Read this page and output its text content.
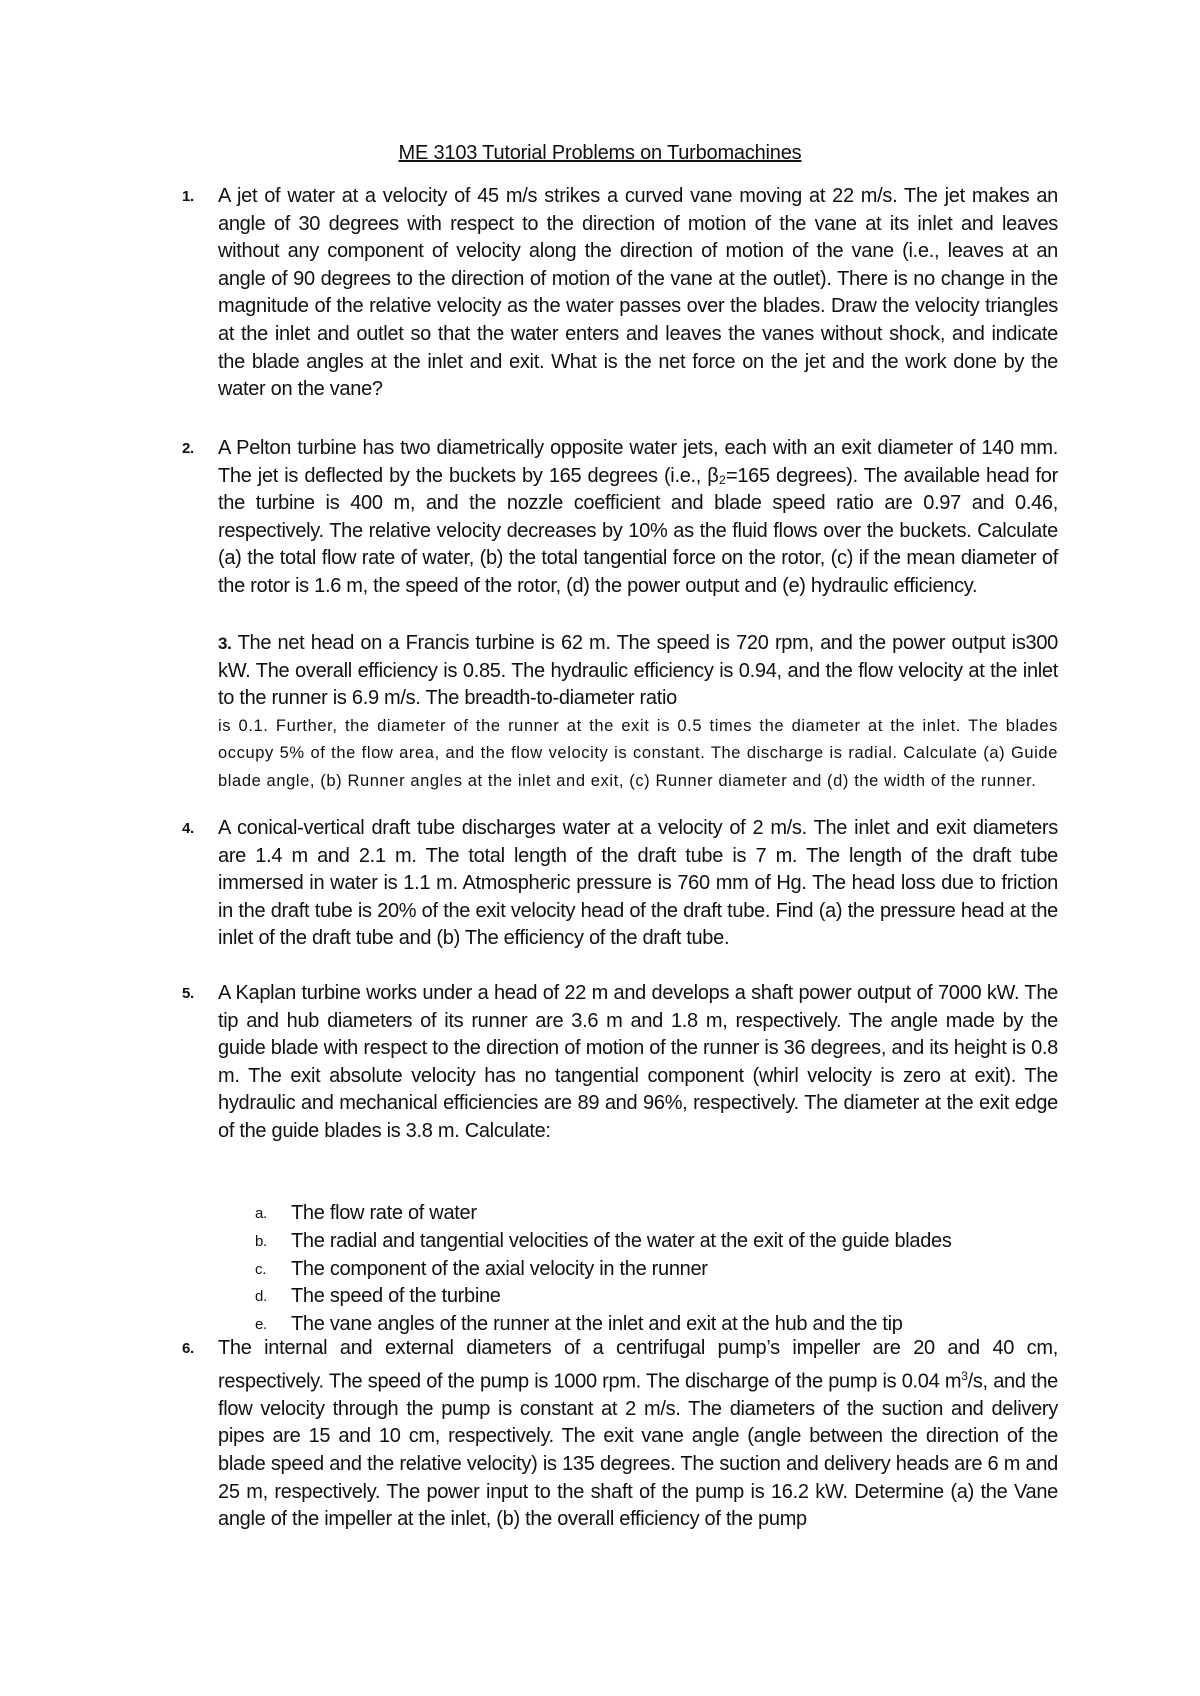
ME 3103 Tutorial Problems on Turbomachines
1.	A jet of water at a velocity of 45 m/s strikes a curved vane moving at 22 m/s. The jet makes an angle of 30 degrees with respect to the direction of motion of the vane at its inlet and leaves without any component of velocity along the direction of motion of the vane (i.e., leaves at an angle of 90 degrees to the direction of motion of the vane at the outlet). There is no change in the magnitude of the relative velocity as the water passes over the blades. Draw the velocity triangles at the inlet and outlet so that the water enters and leaves the vanes without shock, and indicate the blade angles at the inlet and exit. What is the net force on the jet and the work done by the water on the vane?

2.	A Pelton turbine has two diametrically opposite water jets, each with an exit diameter of 140 mm. The jet is deflected by the buckets by 165 degrees (i.e., β₂=165 degrees). The available head for the turbine is 400 m, and the nozzle coefficient and blade speed ratio are 0.97 and 0.46, respectively. The relative velocity decreases by 10% as the fluid flows over the buckets. Calculate (a) the total flow rate of water, (b) the total tangential force on the rotor, (c) if the mean diameter of the rotor is 1.6 m, the speed of the rotor, (d) the power output and (e) hydraulic efficiency.

3. The net head on a Francis turbine is 62 m. The speed is 720 rpm, and the power output is300 kW. The overall efficiency is 0.85. The hydraulic efficiency is 0.94, and the flow velocity at the inlet to the runner is 6.9 m/s. The breadth-to-diameter ratio

is 0.1. Further, the diameter of the runner at the exit is 0.5 times the diameter at the inlet. The blades occupy 5% of the flow area, and the flow velocity is constant. The discharge is radial. Calculate (a) Guide blade angle, (b) Runner angles at the inlet and exit, (c) Runner diameter and (d) the width of the runner.

4.	A conical-vertical draft tube discharges water at a velocity of 2 m/s. The inlet and exit diameters are 1.4 m and 2.1 m. The total length of the draft tube is 7 m. The length of the draft tube immersed in water is 1.1 m. Atmospheric pressure is 760 mm of Hg. The head loss due to friction in the draft tube is 20% of the exit velocity head of the draft tube. Find (a) the pressure head at the inlet of the draft tube and (b) The efficiency of the draft tube.

5.	A Kaplan turbine works under a head of 22 m and develops a shaft power output of 7000 kW. The tip and hub diameters of its runner are 3.6 m and 1.8 m, respectively. The angle made by the guide blade with respect to the direction of motion of the runner is 36 degrees, and its height is 0.8 m. The exit absolute velocity has no tangential component (whirl velocity is zero at exit). The hydraulic and mechanical efficiencies are 89 and 96%, respectively. The diameter at the exit edge of the guide blades is 3.8 m. Calculate:

a. The flow rate of water
b. The radial and tangential velocities of the water at the exit of the guide blades
c. The component of the axial velocity in the runner
d. The speed of the turbine
e. The vane angles of the runner at the inlet and exit at the hub and the tip
6.	The internal and external diameters of a centrifugal pump’s impeller are 20 and 40 cm, respectively. The speed of the pump is 1000 rpm. The discharge of the pump is 0.04 $m^3/s$, and the flow velocity through the pump is constant at 2 m/s. The diameters of the suction and delivery pipes are 15 and 10 cm, respectively. The exit vane angle (angle between the direction of the blade speed and the relative velocity) is 135 degrees. The suction and delivery heads are 6 m and 25 m, respectively. The power input to the shaft of the pump is 16.2 kW. Determine (a) the Vane angle of the impeller at the inlet, (b) the overall efficiency of the pump
